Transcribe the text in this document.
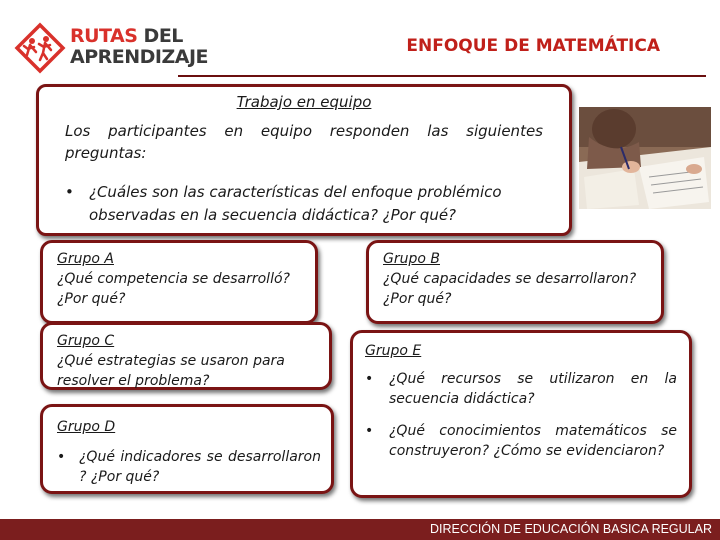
RUTAS DEL
APRENDIZAJE	ENFOQUE DE MATEMÁTICA
Trabajo en equipo
Los participantes en equipo responden las siguientes preguntas:
•	¿Cuáles son las características del enfoque problémico observadas en la secuencia didáctica? ¿Por qué?
Grupo A
¿Qué competencia se desarrolló? ¿Por qué?
Grupo B
¿Qué capacidades se desarrollaron? ¿Por qué?
Grupo C
¿Qué estrategias se usaron para resolver el problema?
Grupo D
• ¿Qué indicadores se desarrollaron ? ¿Por qué?
Grupo E
• ¿Qué recursos se utilizaron en la secuencia didáctica?
• ¿Qué conocimientos matemáticos se construyeron? ¿Cómo se evidenciaron?
DIRECCIÓN DE EDUCACIÓN BASICA REGULAR
